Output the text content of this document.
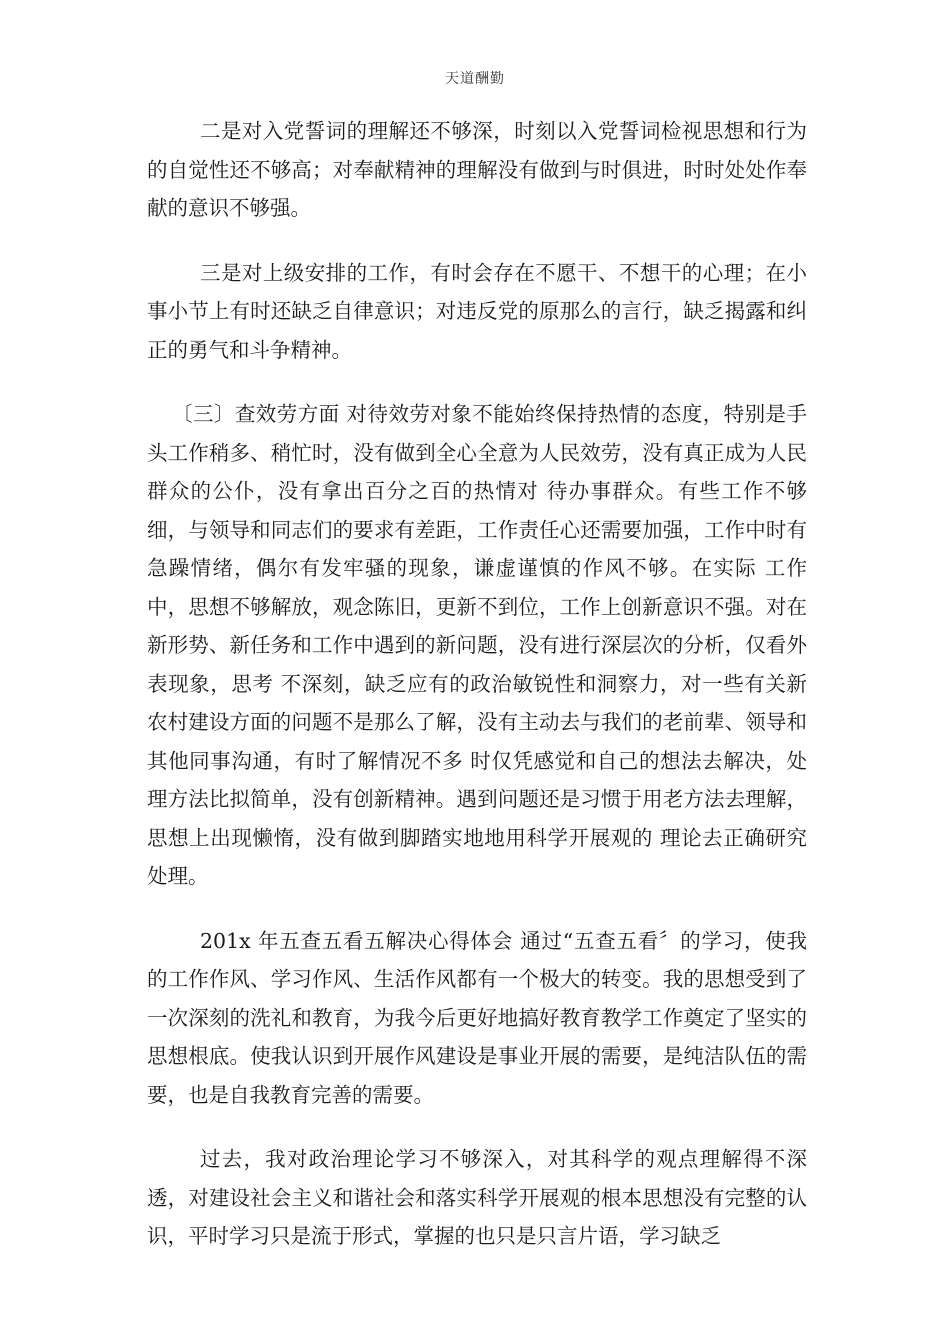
天道酬勤

二是对入党誓词的理解还不够深，时刻以入党誓词检视思想和行为的自觉性还不够高；对奉献精神的理解没有做到与时俱进，时时处处作奉献的意识不够强。

三是对上级安排的工作，有时会存在不愿干、不想干的心理；在小事小节上有时还缺乏自律意识；对违反党的原那么的言行，缺乏揭露和纠正的勇气和斗争精神。

〔三〕查效劳方面 对待效劳对象不能始终保持热情的态度，特别是手头工作稍多、稍忙时，没有做到全心全意为人民效劳，没有真正成为人民群众的公仆，没有拿出百分之百的热情对 待办事群众。有些工作不够细，与领导和同志们的要求有差距，工作责任心还需要加强，工作中时有急躁情绪，偶尔有发牢骚的现象，谦虚谨慎的作风不够。在实际 工作中，思想不够解放，观念陈旧，更新不到位，工作上创新意识不强。对在新形势、新任务和工作中遇到的新问题，没有进行深层次的分析，仅看外表现象，思考 不深刻，缺乏应有的政治敏锐性和洞察力，对一些有关新农村建设方面的问题不是那么了解，没有主动去与我们的老前辈、领导和其他同事沟通，有时了解情况不多 时仅凭感觉和自己的想法去解决，处理方法比拟简单，没有创新精神。遇到问题还是习惯于用老方法去理解，思想上出现懒惰，没有做到脚踏实地地用科学开展观的 理论去正确研究处理。

201x 年五查五看五解决心得体会 通过“五查五看〞的学习，使我的工作作风、学习作风、生活作风都有一个极大的转变。我的思想受到了一次深刻的洗礼和教育，为我今后更好地搞好教育教学工作奠定了坚实的思想根底。使我认识到开展作风建设是事业开展的需要，是纯洁队伍的需要，也是自我教育完善的需要。

过去，我对政治理论学习不够深入，对其科学的观点理解得不深透，对建设社会主义和谐社会和落实科学开展观的根本思想没有完整的认识，平时学习只是流于形式，掌握的也只是只言片语，学习缺乏
